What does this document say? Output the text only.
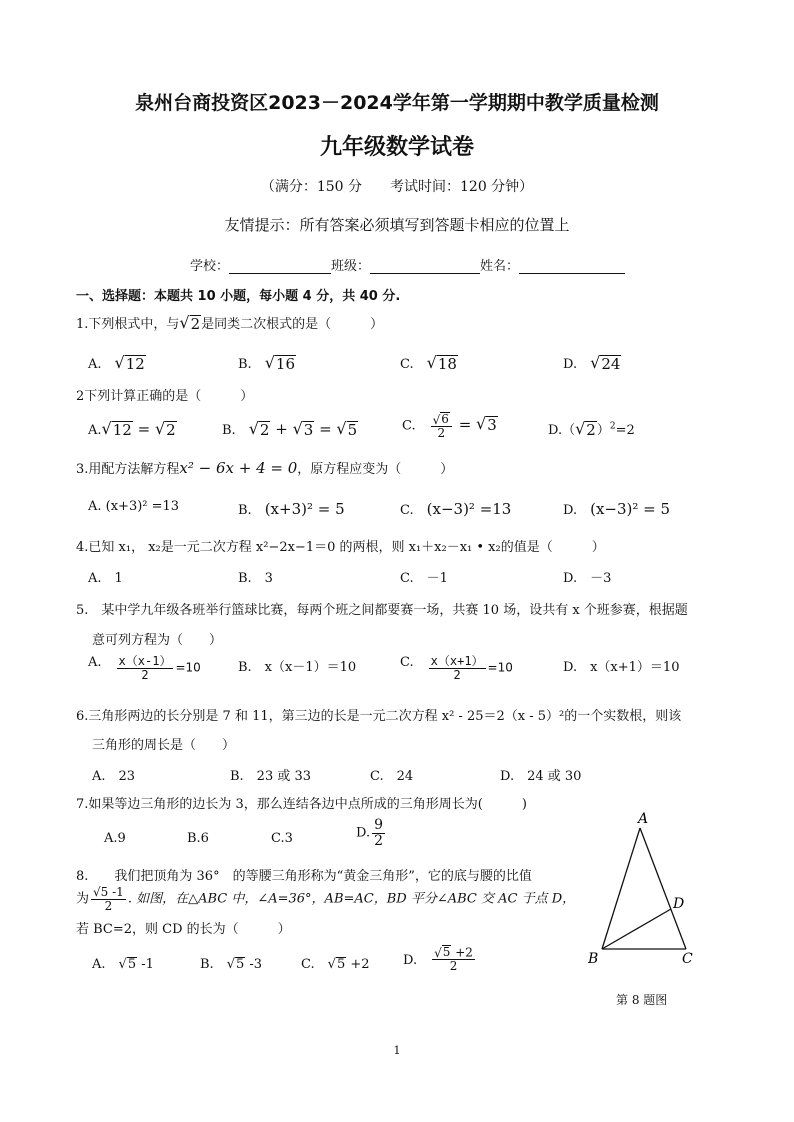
泉州台商投资区2023－2024学年第一学期期中教学质量检测
九年级数学试卷
（满分：150 分　　考试时间：120 分钟）
友情提示：所有答案必须填写到答题卡相应的位置上
学校：	班级：	姓名：
一、选择题：本题共 10 小题，每小题 4 分，共 40 分.
1.下列根式中，与 √ 2 是同类二次根式的是（　　　）
A.　 √ 12	B.　 √ 16	C.　 √ 18	D.　 √ 24
2下列计算正确的是（　　　）
A. √ 12 = √ 2	B.　 √ 2 + √ 3 = √ 5	C.　 $\frac{√ 6}{2}$ = √ 3	D.（ √ 2 ）$^2$=2
3.用配方法解方程x² − 6x + 4 = 0，原方程应变为（　　　）
A. (x+3)² =13	B.　 (x+3)² = 5	C.　 (x−3)² =13	D.　 (x−3)² = 5
4.已知 x₁， x₂是一元二次方程 x²−2x−1＝0 的两根，则 x₁＋x₂－x₁ • x₂的值是（　　　）
A.　1	B.　3	C.　－1	D.　－3
5.　某中学九年级各班举行篮球比赛，每两个班之间都要赛一场，共赛 10 场，设共有 x 个班参赛，根据题
意可列方程为（　　）
A.　 $\frac{x(x-1)}{2} =10$	B.　x（x－1）＝10	C.　 $\frac{x(x+1)}{2} =10$	D.　x（x+1）＝10
6.三角形两边的长分别是 7 和 11，第三边的长是一元二次方程 x² - 25＝2（x - 5）²的一个实数根，则该
三角形的周长是（　　）
A.　23	B.　23 或 33	C.　24	D.　24 或 30
7.如果等边三角形的边长为 3，那么连结各边中点所成的三角形周长为(　　　)
A.9	B.6	C.3	D. $\frac{9}{2}$
8.　　我们把顶角为 36°　的等腰三角形称为“黄金三角形”，它的底与腰的比值
为 $\frac{√5 -1}{2}$ . 如图，在△ABC 中，∠A=36°，AB=AC，BD 平分∠ABC 交 AC 于点 D，
若 BC=2，则 CD 的长为（　　　）
A.　 √ 5 -1	B.　 √ 5 -3	C.　 √ 5 +2	D.　 $\frac{√ 5 +2}{2}$
A
B	C
D
第 8 题图
1
